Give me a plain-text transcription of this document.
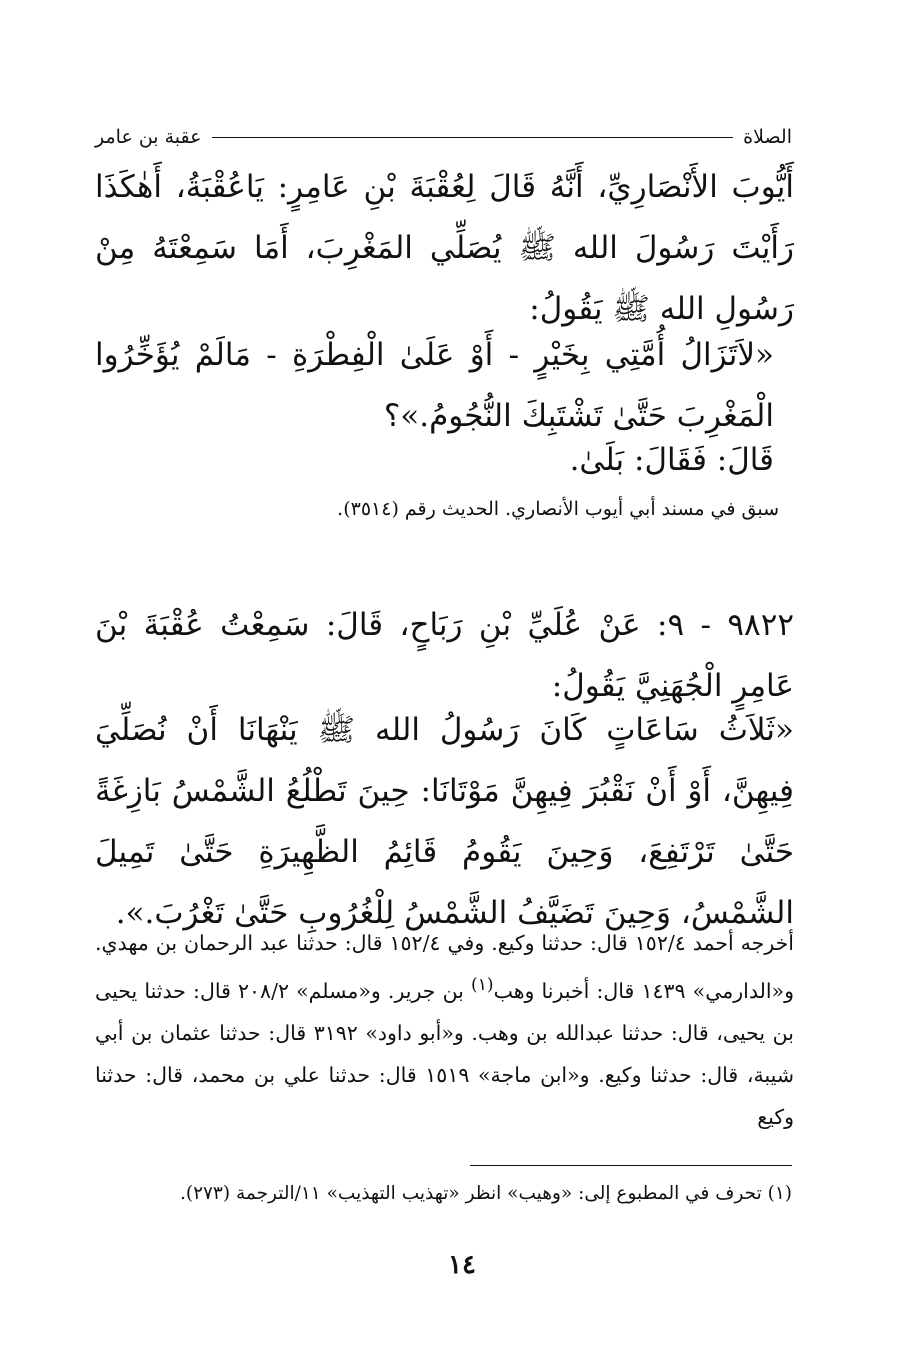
الصلاة
عقبة بن عامر

أَيُّوبَ الأَنْصَارِيِّ، أَنَّهُ قَالَ لِعُقْبَةَ بْنِ عَامِرٍ: يَاعُقْبَةُ، أَهٰكَذَا رَأَيْتَ رَسُولَ الله ﷺ يُصَلِّي المَغْرِبَ، أَمَا سَمِعْتَهُ مِنْ رَسُولِ الله ﷺ يَقُولُ:

«لاَتَزَالُ أُمَّتِي بِخَيْرٍ - أَوْ عَلَىٰ الْفِطْرَةِ - مَالَمْ يُؤَخِّرُوا الْمَغْرِبَ حَتَّىٰ تَشْتَبِكَ النُّجُومُ.»؟

قَالَ: فَقَالَ: بَلَىٰ.

سبق في مسند أبي أيوب الأنصاري. الحديث رقم (٣٥١٤).

٩٨٢٢ - ٩: عَنْ عُلَيِّ بْنِ رَبَاحٍ، قَالَ: سَمِعْتُ عُقْبَةَ بْنَ عَامِرٍ الْجُهَنِيَّ يَقُولُ:

«ثَلاَثُ سَاعَاتٍ كَانَ رَسُولُ الله ﷺ يَنْهَانَا أَنْ نُصَلِّيَ فِيهِنَّ، أَوْ أَنْ نَقْبُرَ فِيهِنَّ مَوْتَانَا: حِينَ تَطْلُعُ الشَّمْسُ بَازِغَةً حَتَّىٰ تَرْتَفِعَ، وَحِينَ يَقُومُ قَائِمُ الظَّهِيرَةِ حَتَّىٰ تَمِيلَ الشَّمْسُ، وَحِينَ تَضَيَّفُ الشَّمْسُ لِلْغُرُوبِ حَتَّىٰ تَغْرُبَ.».

أخرجه أحمد ١٥٢/٤ قال: حدثنا وكيع. وفي ١٥٢/٤ قال: حدثنا عبد الرحمان بن مهدي. و«الدارمي» ١٤٣٩ قال: أخبرنا وهب$^{(١)}$ بن جرير. و«مسلم» ٢٠٨/٢ قال: حدثنا يحيى بن يحيى، قال: حدثنا عبدالله بن وهب. و«أبو داود» ٣١٩٢ قال: حدثنا عثمان بن أبي شيبة، قال: حدثنا وكيع. و«ابن ماجة» ١٥١٩ قال: حدثنا علي بن محمد، قال: حدثنا وكيع

(١) تحرف في المطبوع إلى: «وهيب» انظر «تهذيب التهذيب» ١١/الترجمة (٢٧٣).

١٤
